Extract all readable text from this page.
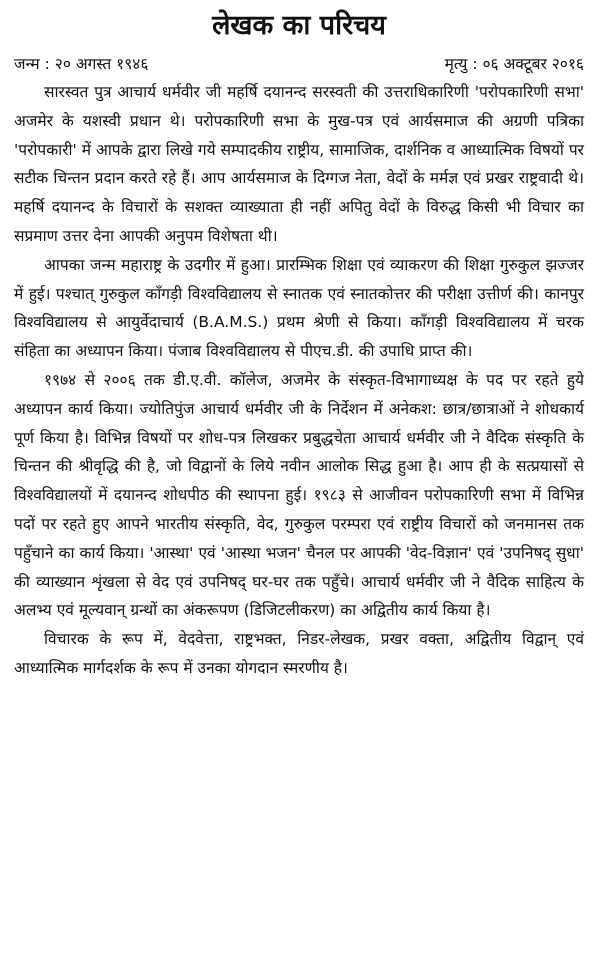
लेखक का परिचय
जन्म : २० अगस्त १९४६	मृत्यु : ०६ अक्टूबर २०१६

सारस्वत पुत्र आचार्य धर्मवीर जी महर्षि दयानन्द सरस्वती की उत्तराधिकारिणी 'परोपकारिणी सभा' अजमेर के यशस्वी प्रधान थे। परोपकारिणी सभा के मुख-पत्र एवं आर्यसमाज की अग्रणी पत्रिका 'परोपकारी' में आपके द्वारा लिखे गये सम्पादकीय राष्ट्रीय, सामाजिक, दार्शनिक व आध्यात्मिक विषयों पर सटीक चिन्तन प्रदान करते रहे हैं। आप आर्यसमाज के दिग्गज नेता, वेदों के मर्मज्ञ एवं प्रखर राष्ट्रवादी थे। महर्षि दयानन्द के विचारों के सशक्त व्याख्याता ही नहीं अपितु वेदों के विरुद्ध किसी भी विचार का सप्रमाण उत्तर देना आपकी अनुपम विशेषता थी।

आपका जन्म महाराष्ट्र के उदगीर में हुआ। प्रारम्भिक शिक्षा एवं व्याकरण की शिक्षा गुरुकुल झज्जर में हुई। पश्चात् गुरुकुल काँगड़ी विश्वविद्यालय से स्नातक एवं स्नातकोत्तर की परीक्षा उत्तीर्ण की। कानपुर विश्वविद्यालय से आयुर्वेदाचार्य (B.A.M.S.) प्रथम श्रेणी से किया। काँगड़ी विश्वविद्यालय में चरक संहिता का अध्यापन किया। पंजाब विश्वविद्यालय से पीएच.डी. की उपाधि प्राप्त की।

१९७४ से २००६ तक डी.ए.वी. कॉलेज, अजमेर के संस्कृत-विभागाध्यक्ष के पद पर रहते हुये अध्यापन कार्य किया। ज्योतिपुंज आचार्य धर्मवीर जी के निर्देशन में अनेकश: छात्र/छात्राओं ने शोधकार्य पूर्ण किया है। विभिन्न विषयों पर शोध-पत्र लिखकर प्रबुद्धचेता आचार्य धर्मवीर जी ने वैदिक संस्कृति के चिन्तन की श्रीवृद्धि की है, जो विद्वानों के लिये नवीन आलोक सिद्ध हुआ है। आप ही के सत्प्रयासों से विश्वविद्यालयों में दयानन्द शोधपीठ की स्थापना हुई। १९८३ से आजीवन परोपकारिणी सभा में विभिन्न पदों पर रहते हुए आपने भारतीय संस्कृति, वेद, गुरुकुल परम्परा एवं राष्ट्रीय विचारों को जनमानस तक पहुँचाने का कार्य किया। 'आस्था' एवं 'आस्था भजन' चैनल पर आपकी 'वेद-विज्ञान' एवं 'उपनिषद् सुधा' की व्याख्यान शृंखला से वेद एवं उपनिषद् घर-घर तक पहुँचे। आचार्य धर्मवीर जी ने वैदिक साहित्य के अलभ्य एवं मूल्यवान् ग्रन्थों का अंकरूपण (डिजिटलीकरण) का अद्वितीय कार्य किया है।

विचारक के रूप में, वेदवेत्ता, राष्ट्रभक्त, निडर-लेखक, प्रखर वक्ता, अद्वितीय विद्वान् एवं आध्यात्मिक मार्गदर्शक के रूप में उनका योगदान स्मरणीय है।
